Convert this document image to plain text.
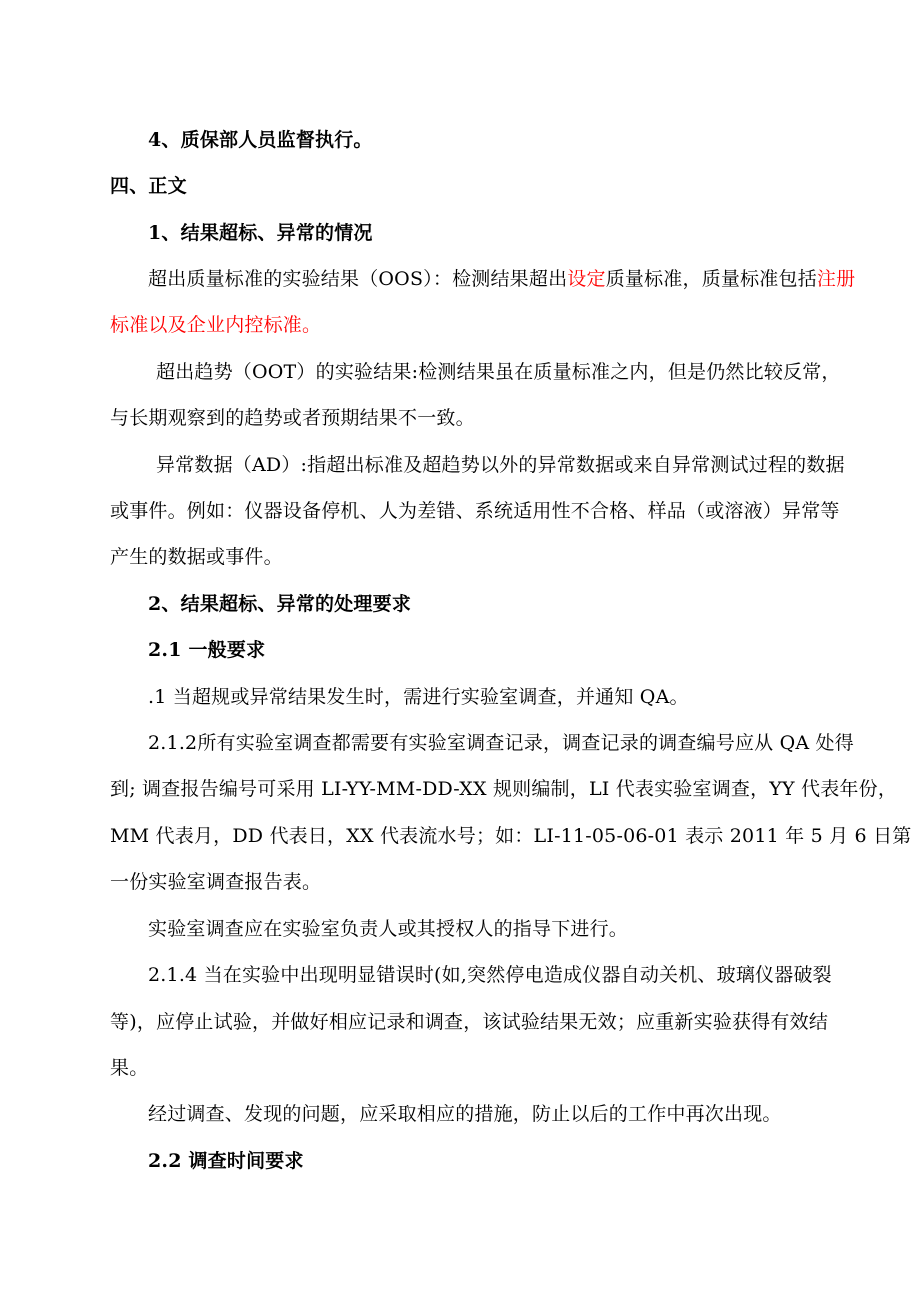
4、质保部人员监督执行。
四、正文
1、结果超标、异常的情况
超出质量标准的实验结果（OOS）：检测结果超出设定质量标准，质量标准包括注册
标准以及企业内控标准。
超出趋势（OOT）的实验结果:检测结果虽在质量标准之内，但是仍然比较反常，
与长期观察到的趋势或者预期结果不一致。
异常数据（AD）:指超出标准及超趋势以外的异常数据或来自异常测试过程的数据
或事件。例如：仪器设备停机、人为差错、系统适用性不合格、样品（或溶液）异常等
产生的数据或事件。
2、结果超标、异常的处理要求
2.1 一般要求
.1 当超规或异常结果发生时，需进行实验室调查，并通知 QA。
2.1.2所有实验室调查都需要有实验室调查记录，调查记录的调查编号应从 QA 处得
到; 调查报告编号可采用 LI-YY-MM-DD-XX 规则编制，LI 代表实验室调查，YY 代表年份，
MM 代表月，DD 代表日，XX 代表流水号；如：LI-11-05-06-01 表示 2011 年 5 月 6 日第
一份实验室调查报告表。
实验室调查应在实验室负责人或其授权人的指导下进行。
2.1.4 当在实验中出现明显错误时(如,突然停电造成仪器自动关机、玻璃仪器破裂
等)，应停止试验，并做好相应记录和调查，该试验结果无效；应重新实验获得有效结
果。
经过调查、发现的问题，应采取相应的措施，防止以后的工作中再次出现。
2.2 调查时间要求
